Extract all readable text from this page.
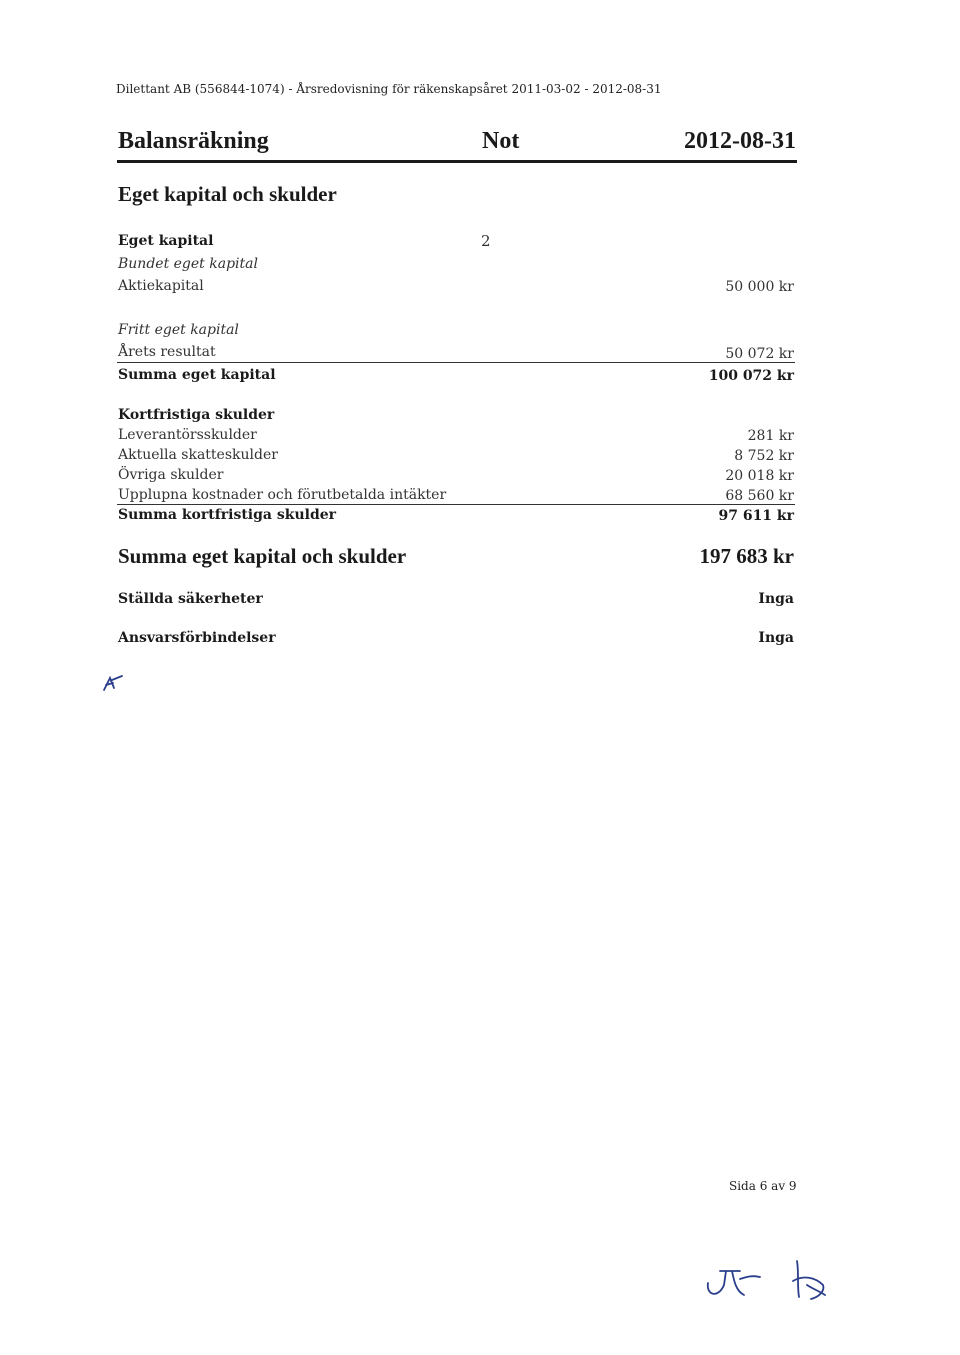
Dilettant AB (556844-1074) - Årsredovisning för räkenskapsåret 2011-03-02 - 2012-08-31
Balansräkning	Not	2012-08-31
Eget kapital och skulder
Eget kapital	2
Bundet eget kapital
Aktiekapital	50 000 kr
Fritt eget kapital
Årets resultat	50 072 kr
Summa eget kapital	100 072 kr
Kortfristiga skulder
Leverantörsskulder	281 kr
Aktuella skatteskulder	8 752 kr
Övriga skulder	20 018 kr
Upplupna kostnader och förutbetalda intäkter	68 560 kr
Summa kortfristiga skulder	97 611 kr
Summa eget kapital och skulder	197 683 kr
Ställda säkerheter	Inga
Ansvarsförbindelser	Inga
Sida 6 av 9
